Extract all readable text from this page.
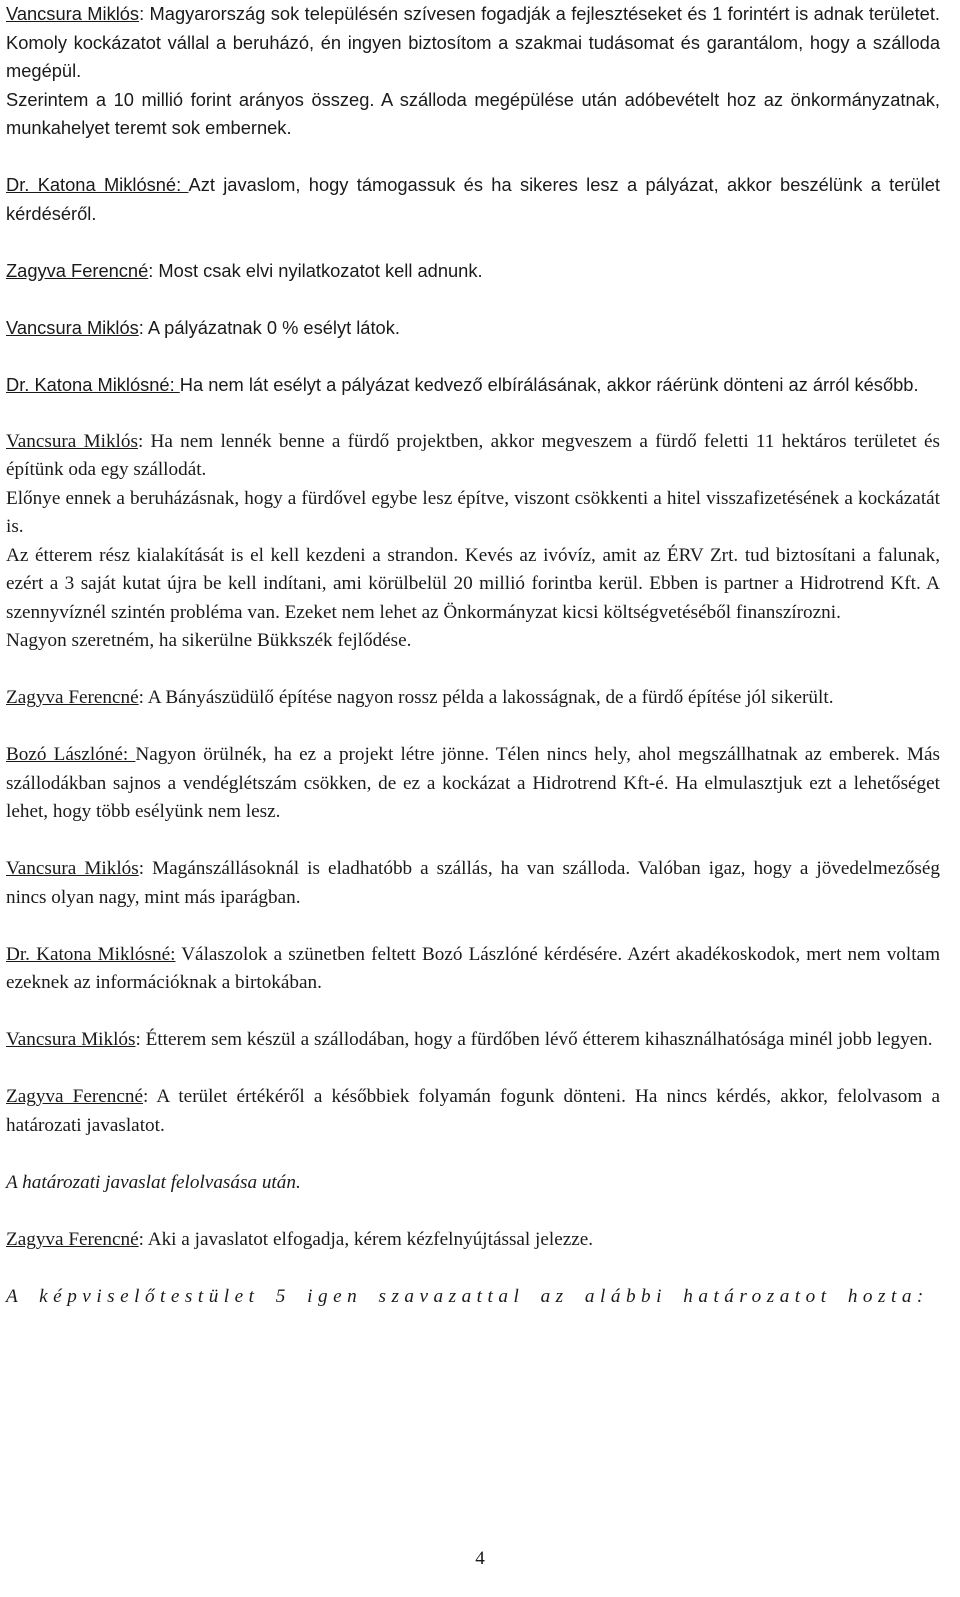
Vancsura Miklós: Magyarország sok településén szívesen fogadják a fejlesztéseket és 1 forintért is adnak területet. Komoly kockázatot vállal a beruházó, én ingyen biztosítom a szakmai tudásomat és garantálom, hogy a szálloda megépül.
Szerintem a 10 millió forint arányos összeg. A szálloda megépülése után adóbevételt hoz az önkormányzatnak, munkahelyet teremt sok embernek.

Dr. Katona Miklósné: Azt javaslom, hogy támogassuk és ha sikeres lesz a pályázat, akkor beszélünk a terület kérdéséről.

Zagyva Ferencné: Most csak elvi nyilatkozatot kell adnunk.

Vancsura Miklós: A pályázatnak 0 % esélyt látok.

Dr. Katona Miklósné: Ha nem lát esélyt a pályázat kedvező elbírálásának, akkor ráérünk dönteni az árról később.

Vancsura Miklós: Ha nem lennék benne a fürdő projektben, akkor megveszem a fürdő feletti 11 hektáros területet és építünk oda egy szállodát.
Előnye ennek a beruházásnak, hogy a fürdővel egybe lesz építve, viszont csökkenti a hitel visszafizetésének a kockázatát is.
Az étterem rész kialakítását is el kell kezdeni a strandon. Kevés az ivóvíz, amit az ÉRV Zrt. tud biztosítani a falunak, ezért a 3 saját kutat újra be kell indítani, ami körülbelül 20 millió forintba kerül. Ebben is partner a Hidrotrend Kft. A szennyvíznél szintén probléma van. Ezeket nem lehet az Önkormányzat kicsi költségvetéséből finanszírozni.
Nagyon szeretném, ha sikerülne Bükkszék fejlődése.

Zagyva Ferencné: A Bányászüdülő építése nagyon rossz példa a lakosságnak, de a fürdő építése jól sikerült.

Bozó Lászlóné: Nagyon örülnék, ha ez a projekt létre jönne. Télen nincs hely, ahol megszállhatnak az emberek. Más szállodákban sajnos a vendéglétszám csökken, de ez a kockázat a Hidrotrend Kft-é. Ha elmulasztjuk ezt a lehetőséget lehet, hogy több esélyünk nem lesz.

Vancsura Miklós: Magánszállásoknál is eladhatóbb a szállás, ha van szálloda. Valóban igaz, hogy a jövedelmezőség nincs olyan nagy, mint más iparágban.

Dr. Katona Miklósné: Válaszolok a szünetben feltett Bozó Lászlóné kérdésére. Azért akadékoskodok, mert nem voltam ezeknek az információknak a birtokában.

Vancsura Miklós: Étterem sem készül a szállodában, hogy a fürdőben lévő étterem kihasználhatósága minél jobb legyen.

Zagyva Ferencné: A terület értékéről a későbbiek folyamán fogunk dönteni. Ha nincs kérdés, akkor, felolvasom a határozati javaslatot.

A határozati javaslat felolvasása után.

Zagyva Ferencné: Aki a javaslatot elfogadja, kérem kézfelnyújtással jelezze.

A képviselőtestület 5 igen szavazattal az alábbi határozatot hozta:

4
